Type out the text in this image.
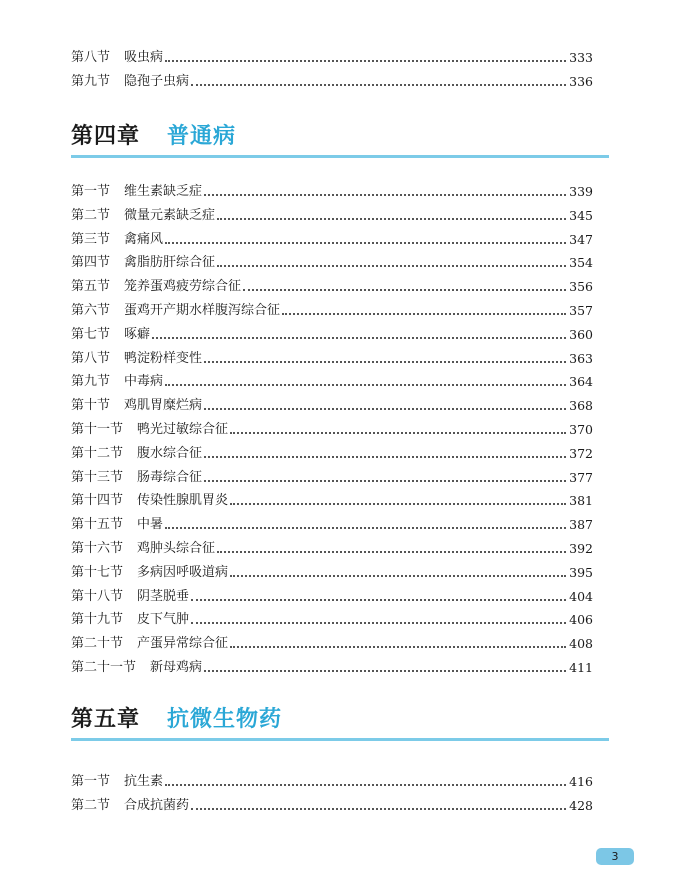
第八节 吸虫病	333
第九节 隐孢子虫病	336
第四章 普通病
第一节 维生素缺乏症	339
第二节 微量元素缺乏症	345
第三节 禽痛风	347
第四节 禽脂肪肝综合征	354
第五节 笼养蛋鸡疲劳综合征	356
第六节 蛋鸡开产期水样腹泻综合征	357
第七节 啄癖	360
第八节 鸭淀粉样变性	363
第九节 中毒病	364
第十节 鸡肌胃糜烂病	368
第十一节 鸭光过敏综合征	370
第十二节 腹水综合征	372
第十三节 肠毒综合征	377
第十四节 传染性腺肌胃炎	381
第十五节 中暑	387
第十六节 鸡肿头综合征	392
第十七节 多病因呼吸道病	395
第十八节 阴茎脱垂	404
第十九节 皮下气肿	406
第二十节 产蛋异常综合征	408
第二十一节 新母鸡病	411
第五章 抗微生物药
第一节 抗生素	416
第二节 合成抗菌药	428
3
